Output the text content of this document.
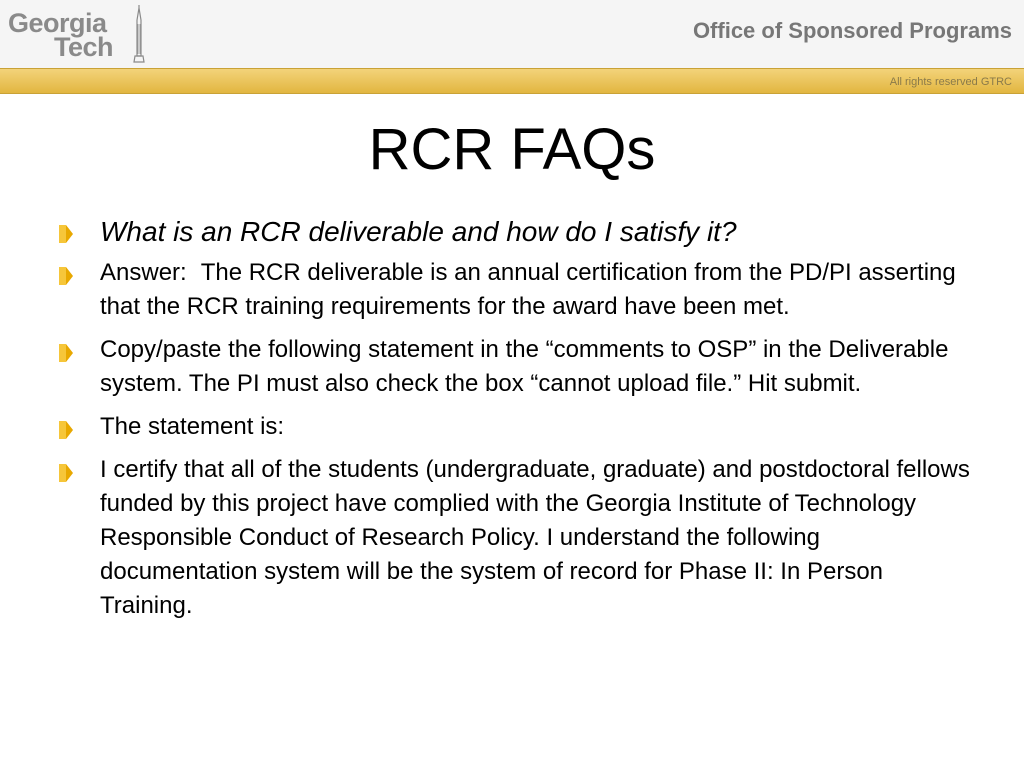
Georgia
Tech
Office of Sponsored Programs
All rights reserved GTRC
RCR FAQs
What is an RCR deliverable and how do I satisfy it?
Answer: The RCR deliverable is an annual certification from the PD/PI asserting that the RCR training requirements for the award have been met.
Copy/paste the following statement in the “comments to OSP” in the Deliverable system. The PI must also check the box “cannot upload file.” Hit submit.
The statement is:
I certify that all of the students (undergraduate, graduate) and postdoctoral fellows funded by this project have complied with the Georgia Institute of Technology Responsible Conduct of Research Policy. I understand the following documentation system will be the system of record for Phase II: In Person Training.
